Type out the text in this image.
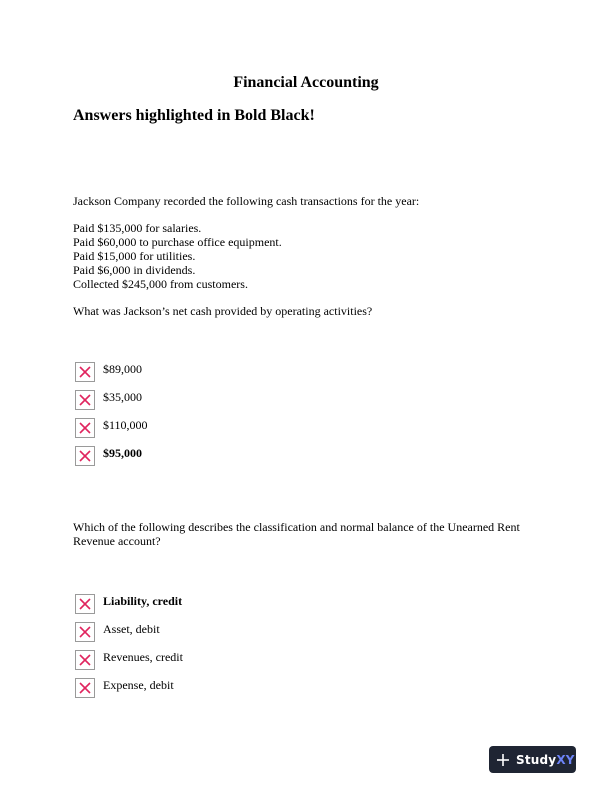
Financial Accounting
Answers highlighted in Bold Black!
Jackson Company recorded the following cash transactions for the year:
Paid $135,000 for salaries.
Paid $60,000 to purchase office equipment.
Paid $15,000 for utilities.
Paid $6,000 in dividends.
Collected $245,000 from customers.
What was Jackson’s net cash provided by operating activities?
$89,000
$35,000
$110,000
$95,000
Which of the following describes the classification and normal balance of the Unearned Rent Revenue account?
Liability, credit
Asset, debit
Revenues, credit
Expense, debit
StudyXY
